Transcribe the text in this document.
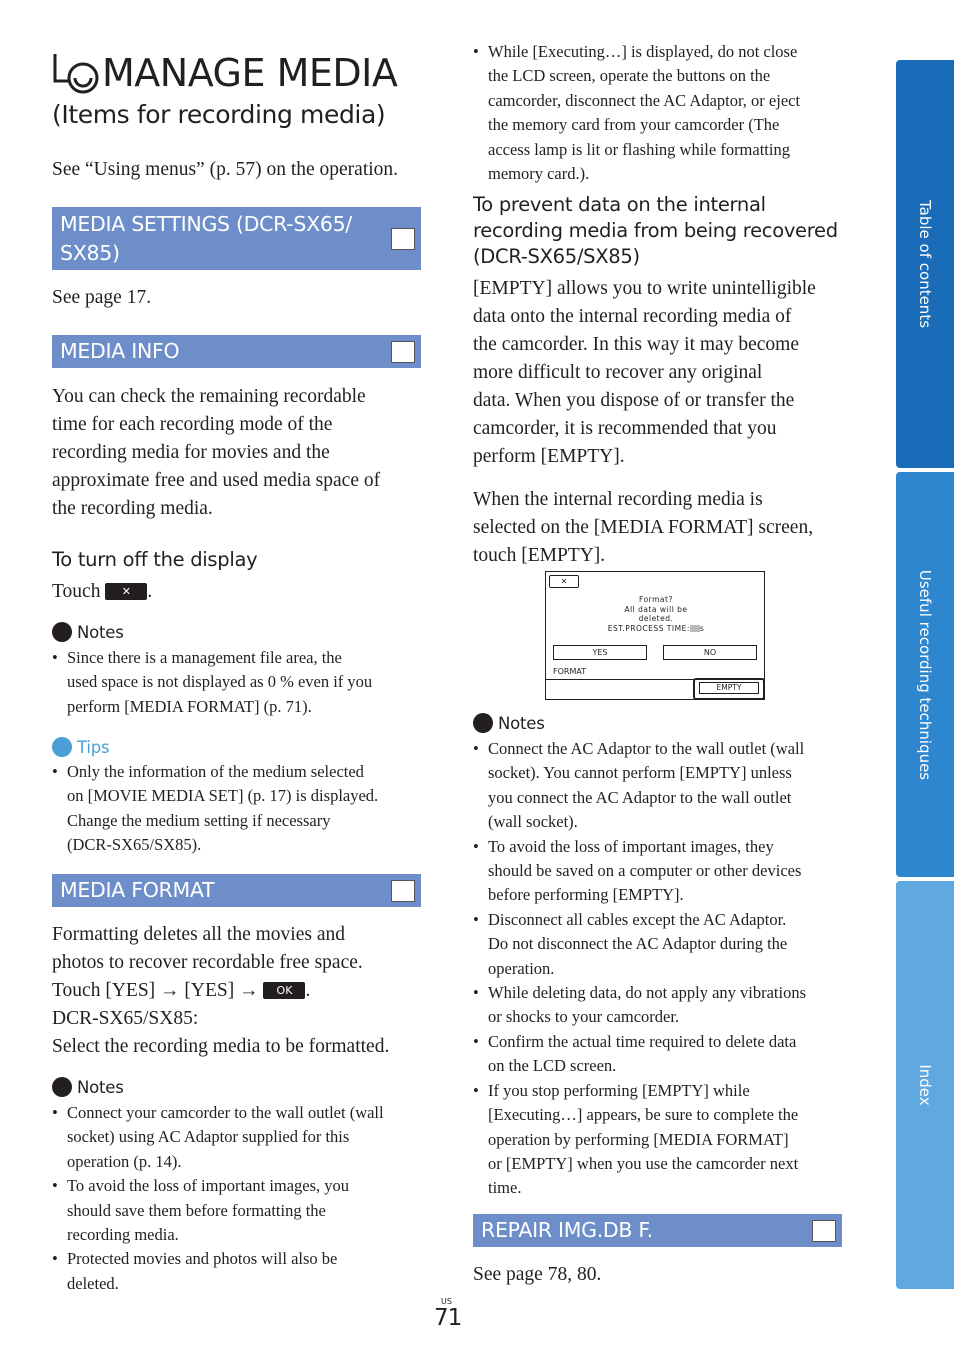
MANAGE MEDIA
(Items for recording media)
See “Using menus” (p. 57) on the operation.
MEDIA SETTINGS (DCR-SX65/
SX85)
See page 17.
MEDIA INFO
You can check the remaining recordable
time for each recording mode of the
recording media for movies and the
approximate free and used media space of
the recording media.
To turn off the display
Touch ✕ .
Notes
• Since there is a management file area, the
used space is not displayed as 0 % even if you
perform [MEDIA FORMAT] (p. 71).
Tips
• Only the information of the medium selected
on [MOVIE MEDIA SET] (p. 17) is displayed.
Change the medium setting if necessary
(DCR-SX65/SX85).
MEDIA FORMAT
Formatting deletes all the movies and
photos to recover recordable free space.
Touch [YES] → [YES] → OK .
DCR-SX65/SX85:
Select the recording media to be formatted.
Notes
• Connect your camcorder to the wall outlet (wall
socket) using AC Adaptor supplied for this
operation (p. 14).
• To avoid the loss of important images, you
should save them before formatting the
recording media.
• Protected movies and photos will also be
deleted.
• While [Executing…] is displayed, do not close
the LCD screen, operate the buttons on the
camcorder, disconnect the AC Adaptor, or eject
the memory card from your camcorder (The
access lamp is lit or flashing while formatting
memory card.).
To prevent data on the internal
recording media from being recovered
(DCR-SX65/SX85)
[EMPTY] allows you to write unintelligible
data onto the internal recording media of
the camcorder. In this way it may become
more difficult to recover any original
data. When you dispose of or transfer the
camcorder, it is recommended that you
perform [EMPTY].
When the internal recording media is
selected on the [MEDIA FORMAT] screen,
touch [EMPTY].
✕
Format?
All data will be
deleted.
EST.PROCESS TIME: s
YES	NO
FORMAT
EMPTY
Notes
• Connect the AC Adaptor to the wall outlet (wall
socket). You cannot perform [EMPTY] unless
you connect the AC Adaptor to the wall outlet
(wall socket).
• To avoid the loss of important images, they
should be saved on a computer or other devices
before performing [EMPTY].
• Disconnect all cables except the AC Adaptor.
Do not disconnect the AC Adaptor during the
operation.
• While deleting data, do not apply any vibrations
or shocks to your camcorder.
• Confirm the actual time required to delete data
on the LCD screen.
• If you stop performing [EMPTY] while
[Executing…] appears, be sure to complete the
operation by performing [MEDIA FORMAT]
or [EMPTY] when you use the camcorder next
time.
REPAIR IMG.DB F.
See page 78, 80.
US
71
Table of contents
Useful recording techniques
Index
